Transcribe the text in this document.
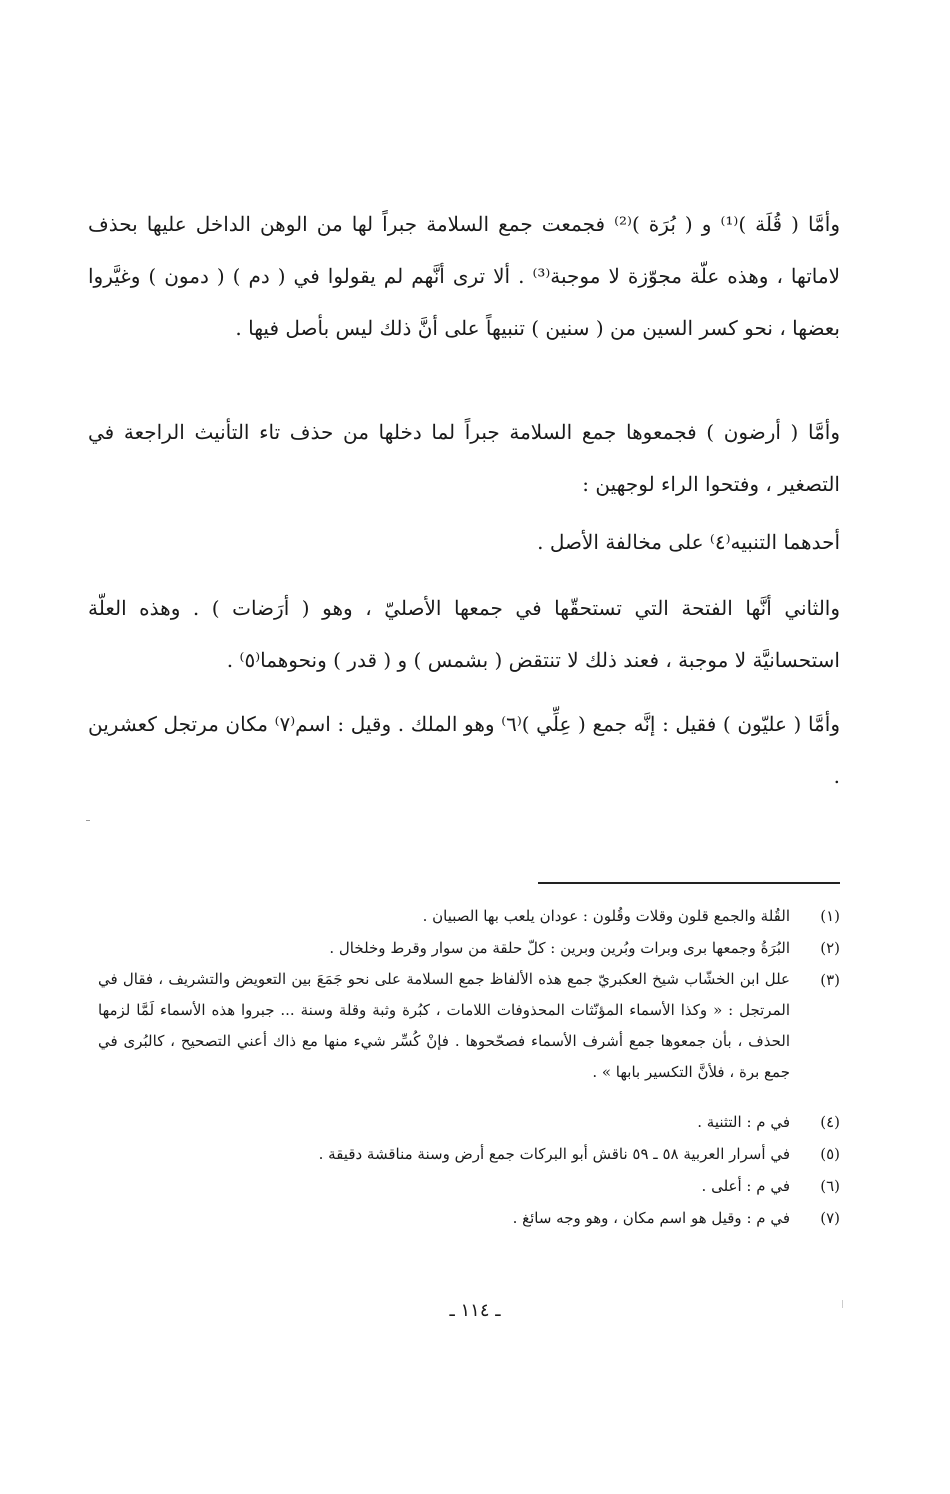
وأمَّا ( قُلَة )⁽¹⁾ و ( بُرَة )⁽²⁾ فجمعت جمع السلامة جبراً لها من الوهن الداخل عليها بحذف لاماتها ، وهذه علّة مجوّزة لا موجبة⁽³⁾ . ألا ترى أنَّهم لم يقولوا في ( دم ) ( دمون ) وغيَّروا بعضها ، نحو كسر السين من ( سنين ) تنبيهاً على أنَّ ذلك ليس بأصل فيها .

وأمَّا ( أرضون ) فجمعوها جمع السلامة جبراً لما دخلها من حذف تاء التأنيث الراجعة في التصغير ، وفتحوا الراء لوجهين :

أحدهما التنبيه⁽٤⁾ على مخالفة الأصل .

والثاني أنَّها الفتحة التي تستحقّها في جمعها الأصليّ ، وهو ( أرَضات ) . وهذه العلّة استحسانيَّة لا موجبة ، فعند ذلك لا تنتقض ( بشمس ) و ( قدر ) ونحوهما⁽٥⁾ .

وأمَّا ( عليّون ) فقيل : إنَّه جمع ( عِلِّي )⁽٦⁾ وهو الملك . وقيل : اسم⁽٧⁾ مكان مرتجل كعشرين .

(١)
القُلة والجمع قلون وقلات وقُلون : عودان يلعب بها الصبيان .
(٢)
البُرَةُ وجمعها برى وبرات وبُرين وبرين : كلّ حلقة من سوار وقرط وخلخال .
(٣)
علل ابن الخشّاب شيخ العكبريّ جمع هذه الألفاظ جمع السلامة على نحو جَمَعَ بين التعويض والتشريف ، فقال في المرتجل : « وكذا الأسماء المؤنّثات المحذوفات اللامات ، كبُرة وثبة وقلة وسنة ... جبروا هذه الأسماء لَمَّا لزمها الحذف ، بأن جمعوها جمع أشرف الأسماء فصحّحوها . فإنْ كُسِّر شيء منها مع ذاك أعني التصحيح ، كالبُرى في جمع برة ، فلأنَّ التكسير بابها » .
(٤)
في م : التثنية .
(٥)
في أسرار العربية ٥٨ ـ ٥٩ ناقش أبو البركات جمع أرض وسنة مناقشة دقيقة .
(٦)
في م : أعلى .
(٧)
في م : وقيل هو اسم مكان ، وهو وجه سائغ .
ـ ١١٤ ـ
